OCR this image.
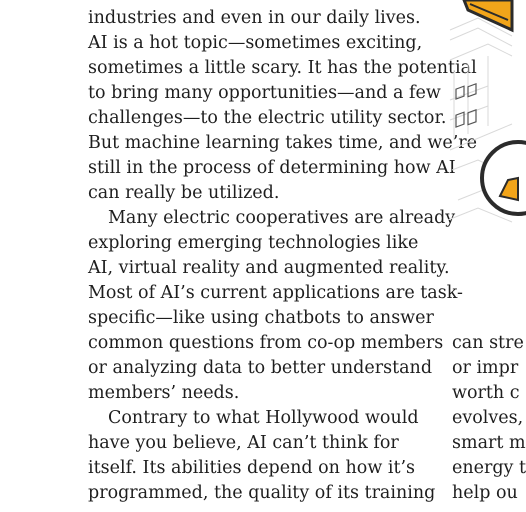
industries and even in our daily lives.
AI is a hot topic—sometimes exciting,
sometimes a little scary. It has the potential
to bring many opportunities—and a few
challenges—to the electric utility sector.
But machine learning takes time, and we’re
still in the process of determining how AI
can really be utilized.
Many electric cooperatives are already
exploring emerging technologies like
AI, virtual reality and augmented reality.
Most of AI’s current applications are task-
specific—like using chatbots to answer
common questions from co-op members
or analyzing data to better understand
members’ needs.
Contrary to what Hollywood would
have you believe, AI can’t think for
itself. Its abilities depend on how it’s
programmed, the quality of its training
can stre
or impr
worth c
evolves,
smart m
energy t
help ou
